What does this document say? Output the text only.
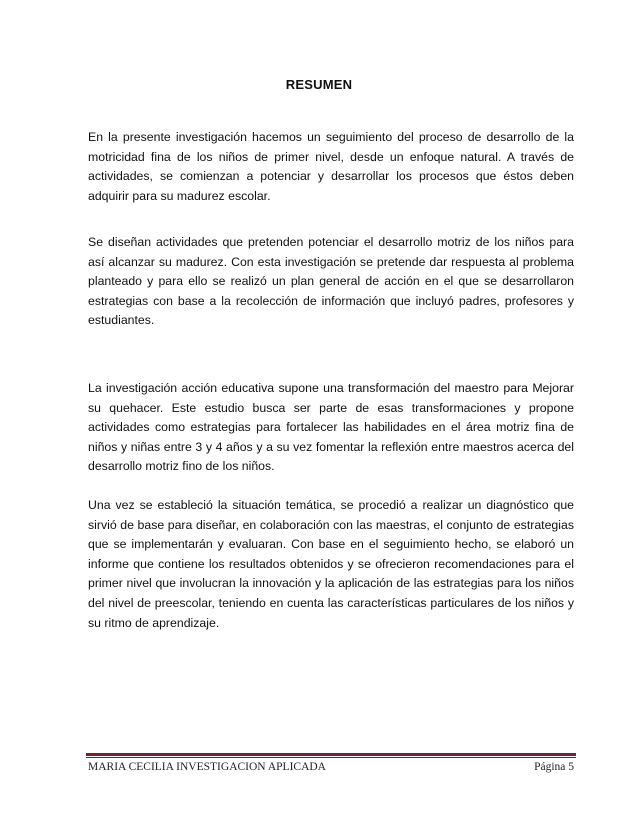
RESUMEN

En la presente investigación hacemos un seguimiento del proceso de desarrollo de la motricidad fina de los niños de primer nivel, desde un enfoque natural. A través de actividades, se comienzan a potenciar y desarrollar los procesos que éstos deben adquirir para su madurez escolar.

Se diseñan actividades que pretenden potenciar el desarrollo motriz de los niños para así alcanzar su madurez. Con esta investigación se pretende dar respuesta al problema planteado y para ello se realizó un plan general de acción en el que se desarrollaron estrategias con base a la recolección de información que incluyó padres, profesores y estudiantes.

La investigación acción educativa supone una transformación del maestro para Mejorar su quehacer. Este estudio busca ser parte de esas transformaciones y propone actividades como estrategias para fortalecer las habilidades en el área motriz fina de niños y niñas entre 3 y 4 años y a su vez fomentar la reflexión entre maestros acerca del desarrollo motriz fino de los niños.

Una vez se estableció la situación temática, se procedió a realizar un diagnóstico que sirvió de base para diseñar, en colaboración con las maestras, el conjunto de estrategias que se implementarán y evaluaran. Con base en el seguimiento hecho, se elaboró un informe que contiene los resultados obtenidos y se ofrecieron recomendaciones para el primer nivel que involucran la innovación y la aplicación de las estrategias para los niños del nivel de preescolar, teniendo en cuenta las características particulares de los niños y su ritmo de aprendizaje.

MARIA CECILIA INVESTIGACION APLICADA	Página 5
